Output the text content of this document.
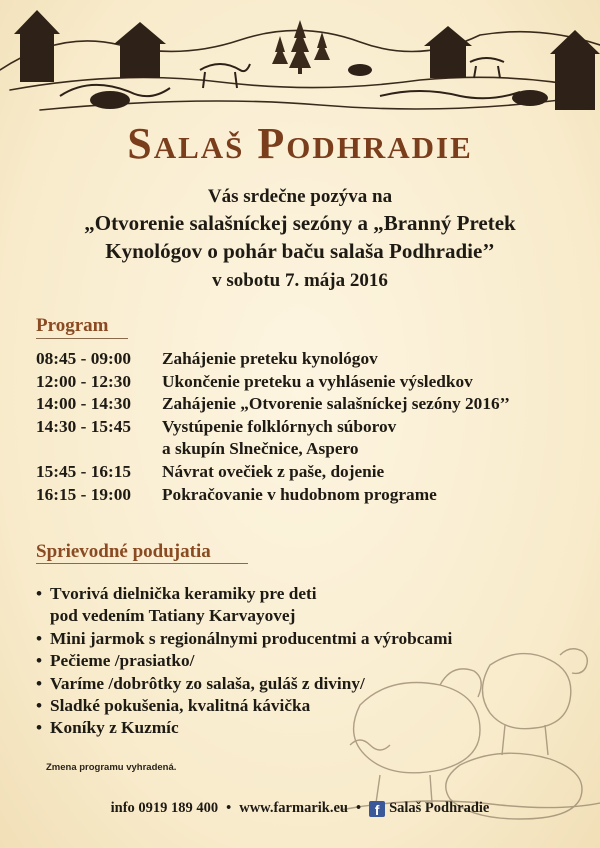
Salaš Podhradie
Vás srdečne pozýva na
„Otvorenie salašníckej sezóny a „Branný Pretek
Kynológov o pohár baču salaša Podhradie’’
v sobotu 7. mája 2016
Program
08:45 - 09:00	Zahájenie preteku kynológov
12:00 - 12:30	Ukončenie preteku a vyhlásenie výsledkov
14:00 - 14:30	Zahájenie „Otvorenie salašníckej sezóny 2016’’
14:30 - 15:45	Vystúpenie folklórnych súborov
a skupín Slnečnice, Aspero
15:45 - 16:15	Návrat ovečiek z paše, dojenie
16:15 - 19:00	Pokračovanie v hudobnom programe
Sprievodné podujatia
• Tvorivá dielnička keramiky pre deti
pod vedením Tatiany Karvayovej
• Mini jarmok s regionálnymi producentmi a výrobcami
• Pečieme /prasiatko/
• Varíme /dobrôtky zo salaša, guláš z diviny/
• Sladké pokušenia, kvalitná kávička
• Koníky z Kuzmíc
Zmena programu vyhradená.
info 0919 189 400 • www.farmarik.eu • f Salaš Podhradie
